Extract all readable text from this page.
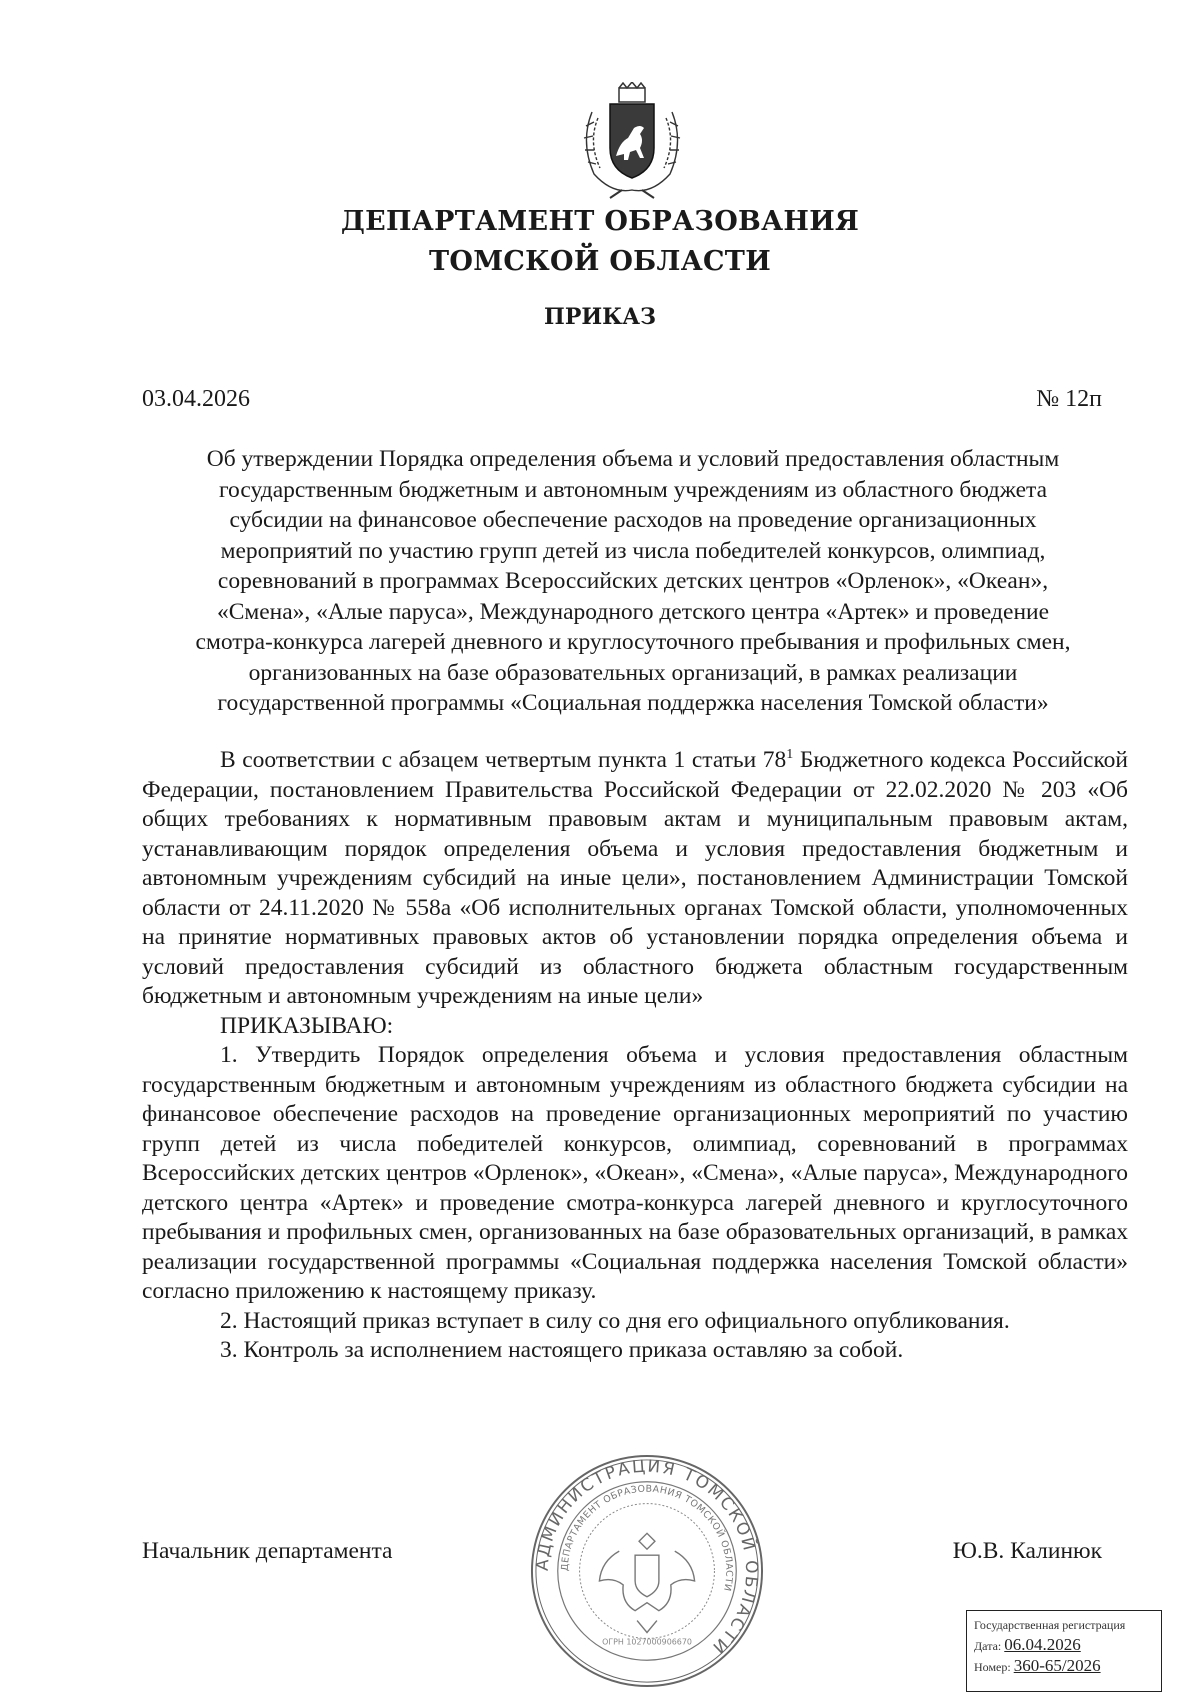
ДЕПАРТАМЕНТ ОБРАЗОВАНИЯ
ТОМСКОЙ ОБЛАСТИ
ПРИКАЗ
03.04.2026	№ 12п
Об утверждении Порядка определения объема и условий предоставления областным
государственным бюджетным и автономным учреждениям из областного бюджета
субсидии на финансовое обеспечение расходов на проведение организационных
мероприятий по участию групп детей из числа победителей конкурсов, олимпиад,
соревнований в программах Всероссийских детских центров «Орленок», «Океан»,
«Смена», «Алые паруса», Международного детского центра «Артек» и проведение
смотра-конкурса лагерей дневного и круглосуточного пребывания и профильных смен,
организованных на базе образовательных организаций, в рамках реализации
государственной программы «Социальная поддержка населения Томской области»

В соответствии с абзацем четвертым пункта 1 статьи $78^1$ Бюджетного кодекса Российской Федерации, постановлением Правительства Российской Федерации от 22.02.2020 № 203 «Об общих требованиях к нормативным правовым актам и муниципальным правовым актам, устанавливающим порядок определения объема и условия предоставления бюджетным и автономным учреждениям субсидий на иные цели», постановлением Администрации Томской области от 24.11.2020 № 558а «Об исполнительных органах Томской области, уполномоченных на принятие нормативных правовых актов об установлении порядка определения объема и условий предоставления субсидий из областного бюджета областным государственным бюджетным и автономным учреждениям на иные цели»

ПРИКАЗЫВАЮ:

1. Утвердить Порядок определения объема и условия предоставления областным государственным бюджетным и автономным учреждениям из областного бюджета субсидии на финансовое обеспечение расходов на проведение организационных мероприятий по участию групп детей из числа победителей конкурсов, олимпиад, соревнований в программах Всероссийских детских центров «Орленок», «Океан», «Смена», «Алые паруса», Международного детского центра «Артек» и проведение смотра-конкурса лагерей дневного и круглосуточного пребывания и профильных смен, организованных на базе образовательных организаций, в рамках реализации государственной программы «Социальная поддержка населения Томской области» согласно приложению к настоящему приказу.

2. Настоящий приказ вступает в силу со дня его официального опубликования.

3. Контроль за исполнением настоящего приказа оставляю за собой.

Начальник департамента	Ю.В. Калинюк
АДМИНИСТРАЦИЯ ТОМСКОЙ ОБЛАСТИ
ДЕПАРТАМЕНТ ОБРАЗОВАНИЯ ТОМСКОЙ ОБЛАСТИ
ОГРН 1027000906670
Государственная регистрация
Дата: 06.04.2026
Номер: 360-65/2026
